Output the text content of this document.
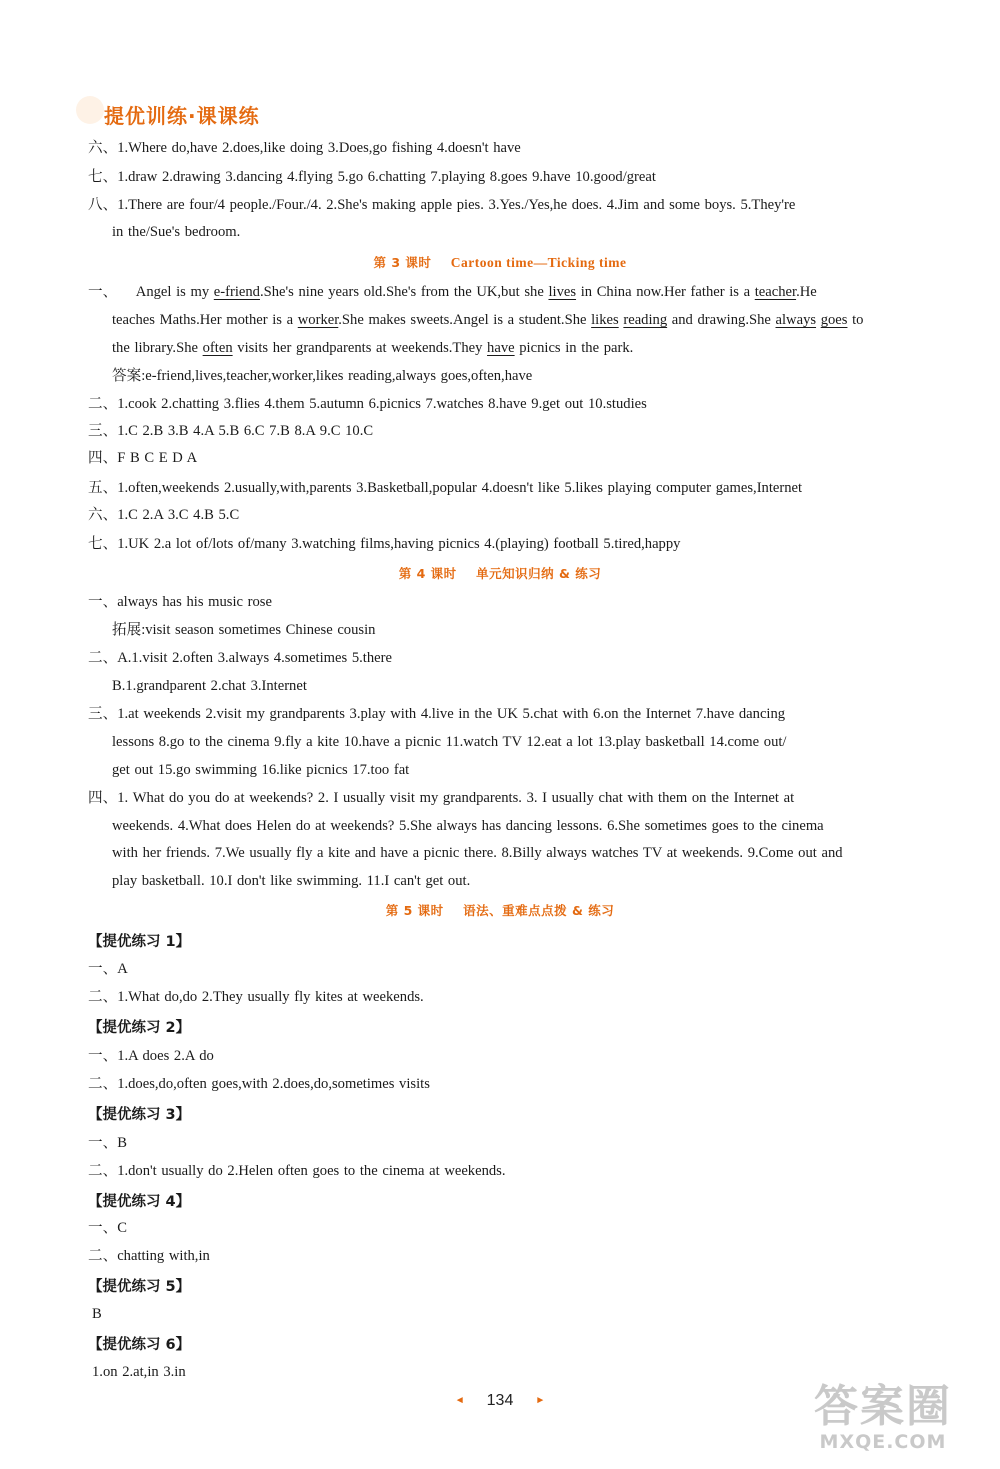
提优训练·课课练
六、1.Where do,have 2.does,like doing 3.Does,go fishing 4.doesn't have
七、1.draw 2.drawing 3.dancing 4.flying 5.go 6.chatting 7.playing 8.goes 9.have 10.good/great
八、1.There are four/4 people./Four./4. 2.She's making apple pies. 3.Yes./Yes,he does. 4.Jim and some boys. 5.They're
in the/Sue's bedroom.
第 3 课时 Cartoon time—Ticking time
一、 Angel is my e-friend.She's nine years old.She's from the UK,but she lives in China now.Her father is a teacher.He
teaches Maths.Her mother is a worker.She makes sweets.Angel is a student.She likes reading and drawing.She always goes to
the library.She often visits her grandparents at weekends.They have picnics in the park.
答案:e-friend,lives,teacher,worker,likes reading,always goes,often,have
二、1.cook 2.chatting 3.flies 4.them 5.autumn 6.picnics 7.watches 8.have 9.get out 10.studies
三、1.C 2.B 3.B 4.A 5.B 6.C 7.B 8.A 9.C 10.C
四、F B C E D A
五、1.often,weekends 2.usually,with,parents 3.Basketball,popular 4.doesn't like 5.likes playing computer games,Internet
六、1.C 2.A 3.C 4.B 5.C
七、1.UK 2.a lot of/lots of/many 3.watching films,having picnics 4.(playing) football 5.tired,happy
第 4 课时 单元知识归纳 & 练习
一、always has his music rose
拓展:visit season sometimes Chinese cousin
二、A.1.visit 2.often 3.always 4.sometimes 5.there
B.1.grandparent 2.chat 3.Internet
三、1.at weekends 2.visit my grandparents 3.play with 4.live in the UK 5.chat with 6.on the Internet 7.have dancing
lessons 8.go to the cinema 9.fly a kite 10.have a picnic 11.watch TV 12.eat a lot 13.play basketball 14.come out/
get out 15.go swimming 16.like picnics 17.too fat
四、1. What do you do at weekends? 2. I usually visit my grandparents. 3. I usually chat with them on the Internet at
weekends. 4.What does Helen do at weekends? 5.She always has dancing lessons. 6.She sometimes goes to the cinema
with her friends. 7.We usually fly a kite and have a picnic there. 8.Billy always watches TV at weekends. 9.Come out and
play basketball. 10.I don't like swimming. 11.I can't get out.
第 5 课时 语法、重难点点拨 & 练习
【提优练习 1】
一、A
二、1.What do,do 2.They usually fly kites at weekends.
【提优练习 2】
一、1.A does 2.A do
二、1.does,do,often goes,with 2.does,do,sometimes visits
【提优练习 3】
一、B
二、1.don't usually do 2.Helen often goes to the cinema at weekends.
【提优练习 4】
一、C
二、chatting with,in
【提优练习 5】
B
【提优练习 6】
1.on 2.at,in 3.in
◄ 134 ►	答案圈
MXQE.COM
